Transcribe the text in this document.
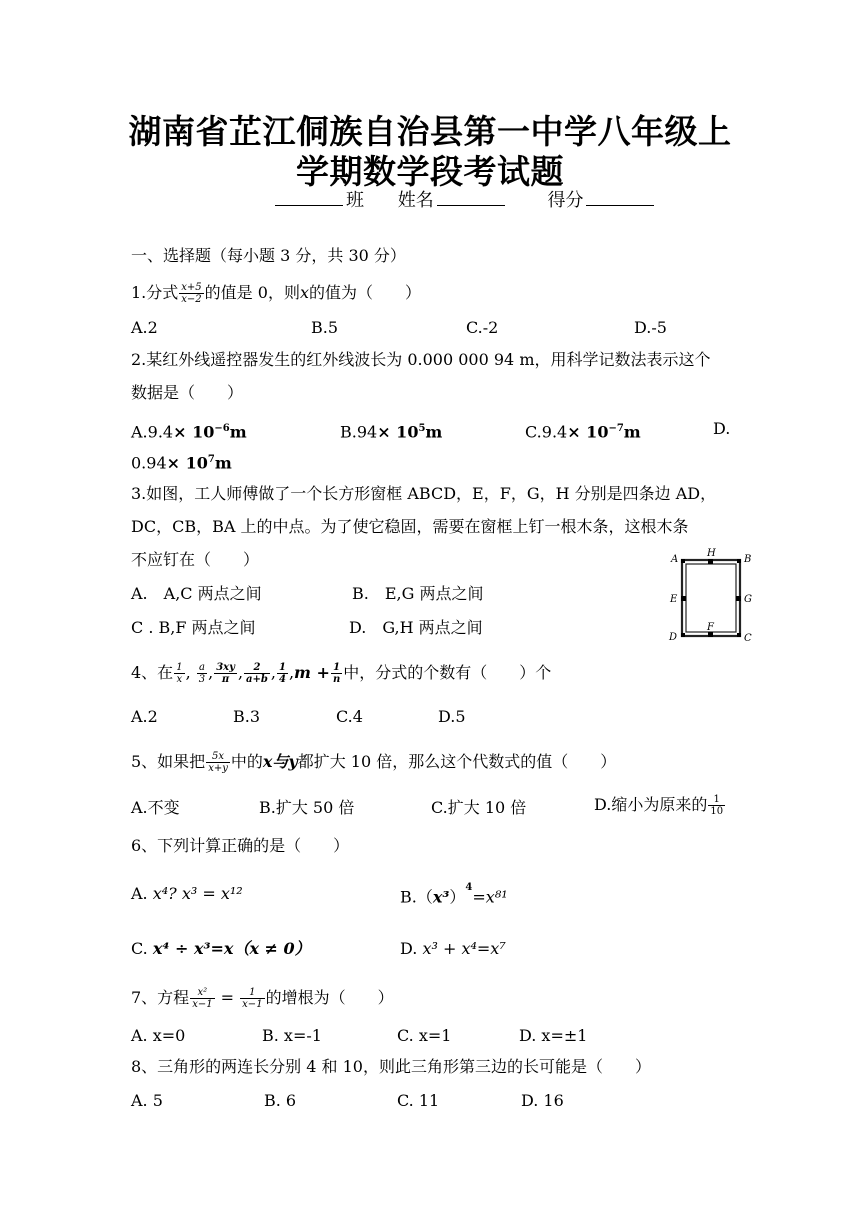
湖南省芷江侗族自治县第一中学八年级上
学期数学段考试题
班 姓名	得分
一、选择题（每小题 3 分，共 30 分）
1.分式 $\frac{x+5}{x-2}$ 的值是 0，则x的值为（　　）
A.2	B.5	C.-2	D.-5
2.某红外线遥控器发生的红外线波长为 0.000 000 94 m，用科学记数法表示这个
数据是（　　）
$A.9.4\times 10^{-6}m$	$B.94\times 10^5m$	$C.9.4\times 10^{-7}m$	D.
$0.94\times 10^7m$
3.如图，工人师傅做了一个长方形窗框 ABCD，E，F，G，H 分别是四条边 AD，
DC，CB，BA 上的中点。为了使它稳固，需要在窗框上钉一根木条，这根木条
不应钉在（　　）
A.　A,C 两点之间	B.　E,G 两点之间
C . B,F 两点之间	D.　G,H 两点之间
A
H
B
E	G
D
F
C
4、在 $\frac{1}{x}$ , $\frac{a}{3}$ , $\frac{3xy}{\pi}$ , $\frac{2}{a+b}$ , $\frac{1}{4} ,m + \frac{1}{n}$ 中，分式的个数有（　　）个
A.2	B.3	C.4	D.5
5、如果把 $\frac{5x}{x+y}$ 中的x与y都扩大 10 倍，那么这个代数式的值（　　）
A.不变	B.扩大 50 倍	C.扩大 10 倍	D.缩小为原来的 $\frac{1}{10}$
6、下列计算正确的是（　　）
A. x⁴? x³ = x¹²	$B.(x^3)^4=x^{81}$
C. x⁴ ÷ x³=x（x ≠ 0）	D. x³ + x⁴=x⁷
7、方程 $\frac{\text{x²}}{x-1} = \frac{1}{x-1}$ 的增根为（　　）
A. x=0	B. x=-1	C. x=1	D. x=±1
8、三角形的两连长分别 4 和 10，则此三角形第三边的长可能是（　　）
A. 5	B. 6	C. 11	D. 16
